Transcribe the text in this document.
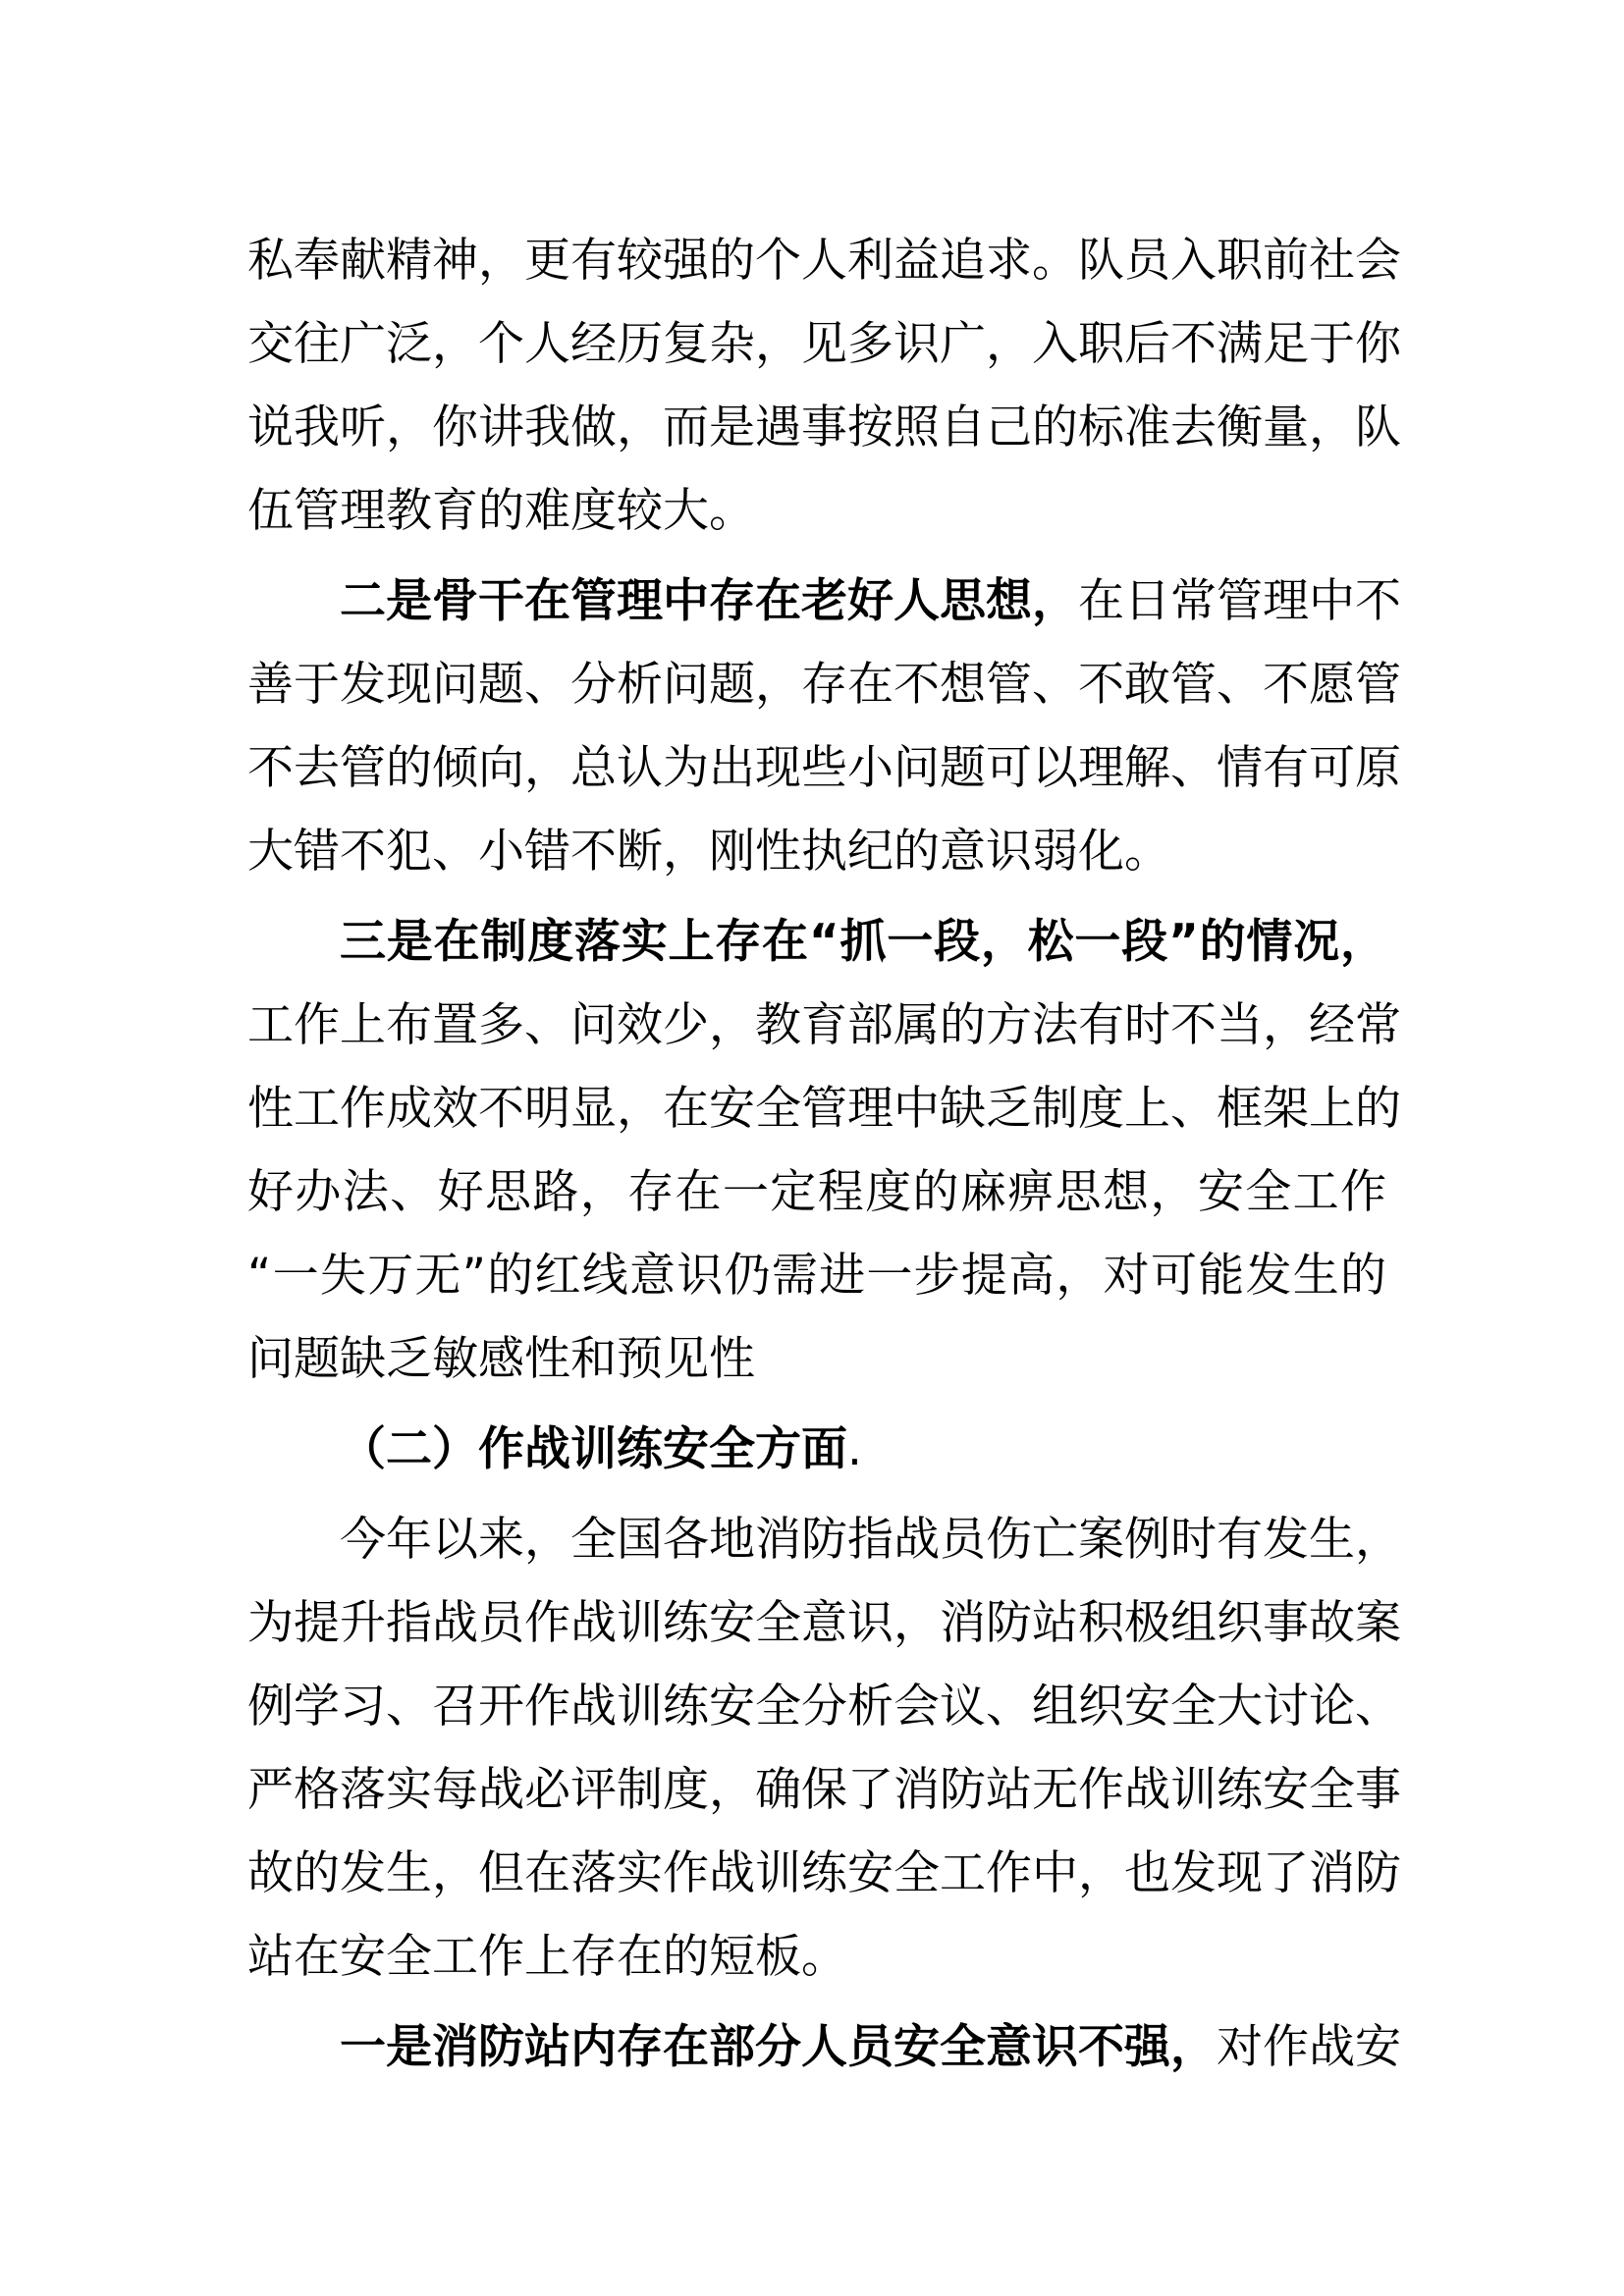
私奉献精神，更有较强的个人利益追求。队员入职前社会
交往广泛，个人经历复杂，见多识广，入职后不满足于你
说我听，你讲我做，而是遇事按照自己的标准去衡量，队
伍管理教育的难度较大。
二是骨干在管理中存在老好人思想，在日常管理中不
善于发现问题、分析问题，存在不想管、不敢管、不愿管
不去管的倾向，总认为出现些小问题可以理解、情有可原
大错不犯、小错不断，刚性执纪的意识弱化。
三是在制度落实上存在“抓一段，松一段”的情况，
工作上布置多、问效少，教育部属的方法有时不当，经常
性工作成效不明显，在安全管理中缺乏制度上、框架上的
好办法、好思路，存在一定程度的麻痹思想，安全工作
“一失万无”的红线意识仍需进一步提高，对可能发生的
问题缺乏敏感性和预见性
（二）作战训练安全方面.
今年以来，全国各地消防指战员伤亡案例时有发生，
为提升指战员作战训练安全意识，消防站积极组织事故案
例学习、召开作战训练安全分析会议、组织安全大讨论、
严格落实每战必评制度，确保了消防站无作战训练安全事
故的发生，但在落实作战训练安全工作中，也发现了消防
站在安全工作上存在的短板。
一是消防站内存在部分人员安全意识不强，对作战安
